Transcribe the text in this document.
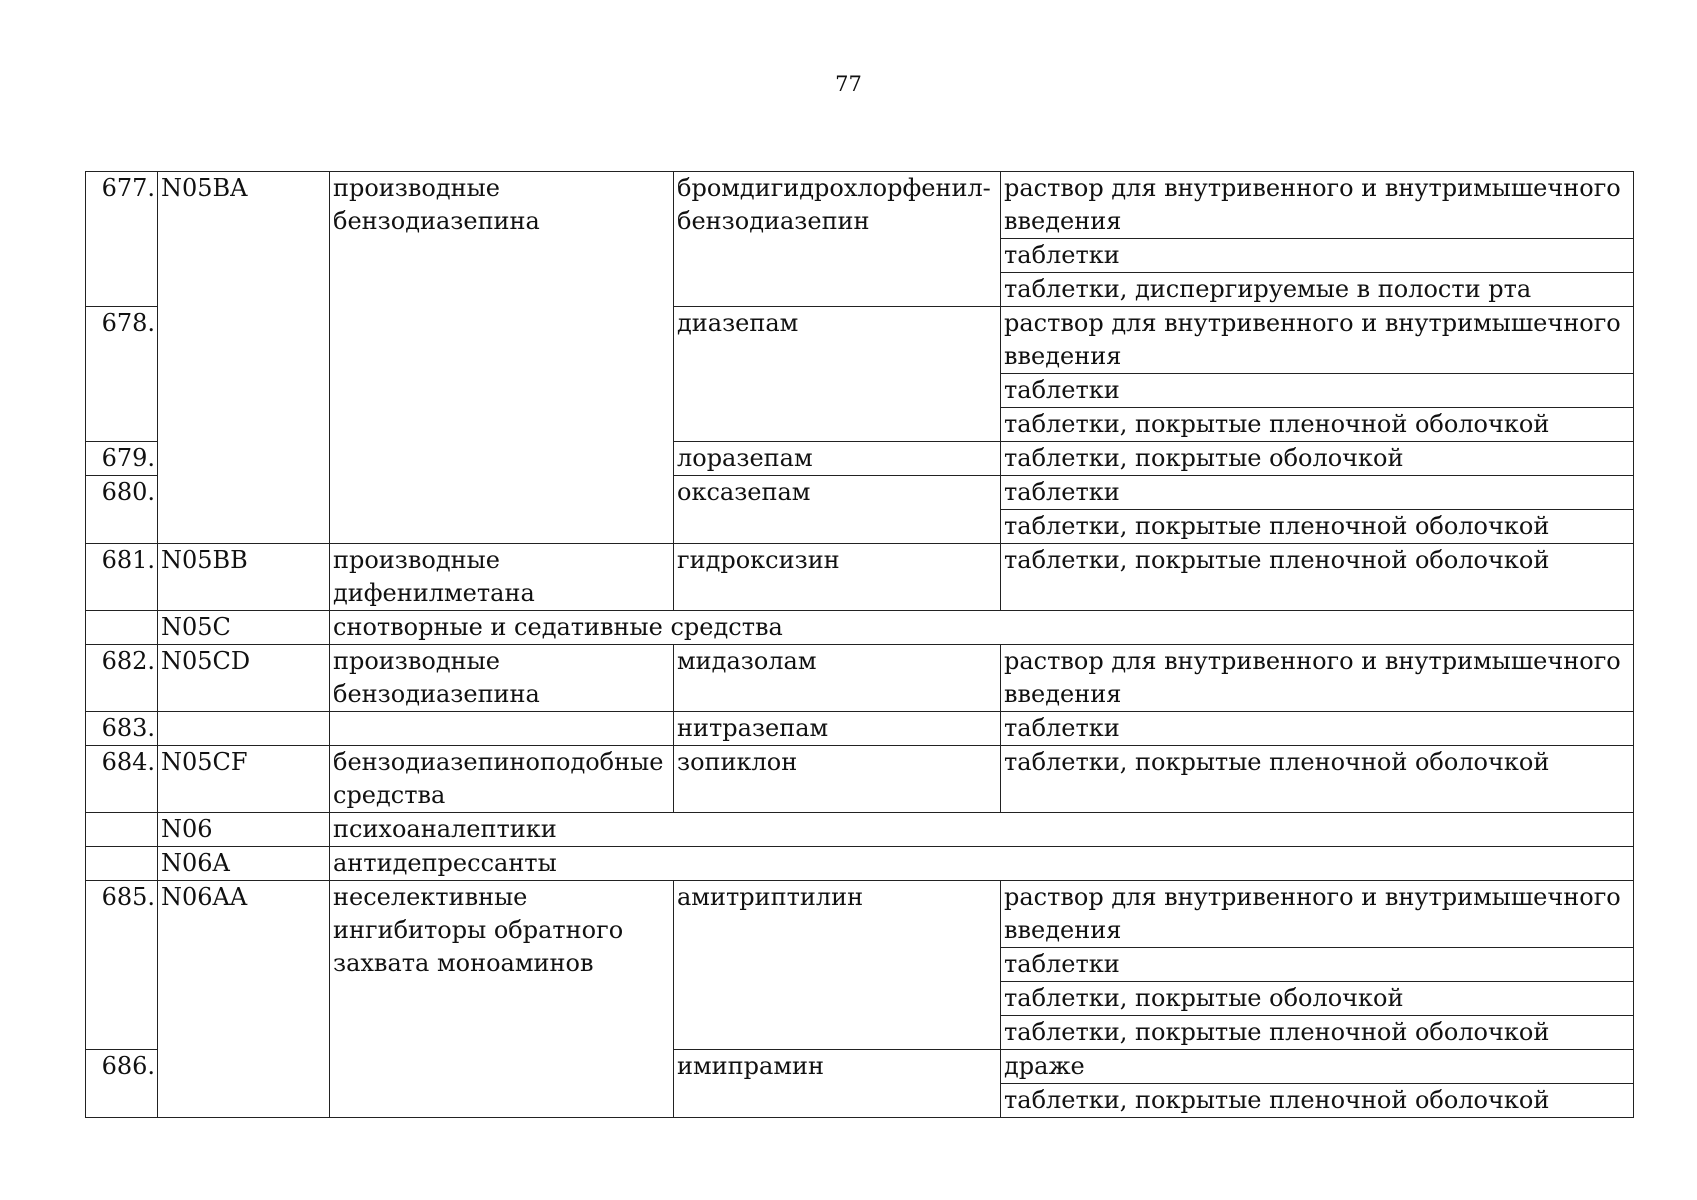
77
677.	N05BA	производные бензодиазепина	бромдигидрохлорфенил-бензодиазепин	раствор для внутривенного и внутримышечного введения
				таблетки
				таблетки, диспергируемые в полости рта
678.			диазепам	раствор для внутривенного и внутримышечного введения
				таблетки
				таблетки, покрытые пленочной оболочкой
679.			лоразепам	таблетки, покрытые оболочкой
680.			оксазепам	таблетки
				таблетки, покрытые пленочной оболочкой
681.	N05BB	производные дифенилметана	гидроксизин	таблетки, покрытые пленочной оболочкой
	N05C	снотворные и седативные средства		
682.	N05CD	производные бензодиазепина	мидазолам	раствор для внутривенного и внутримышечного введения
683.			нитразепам	таблетки
684.	N05CF	бензодиазепиноподобные средства	зопиклон	таблетки, покрытые пленочной оболочкой
	N06	психоаналептики		
	N06A	антидепрессанты		
685.	N06AA	неселективные ингибиторы обратного захвата моноаминов	амитриптилин	раствор для внутривенного и внутримышечного введения
				таблетки
				таблетки, покрытые оболочкой
				таблетки, покрытые пленочной оболочкой
686.			имипрамин	драже
				таблетки, покрытые пленочной оболочкой
